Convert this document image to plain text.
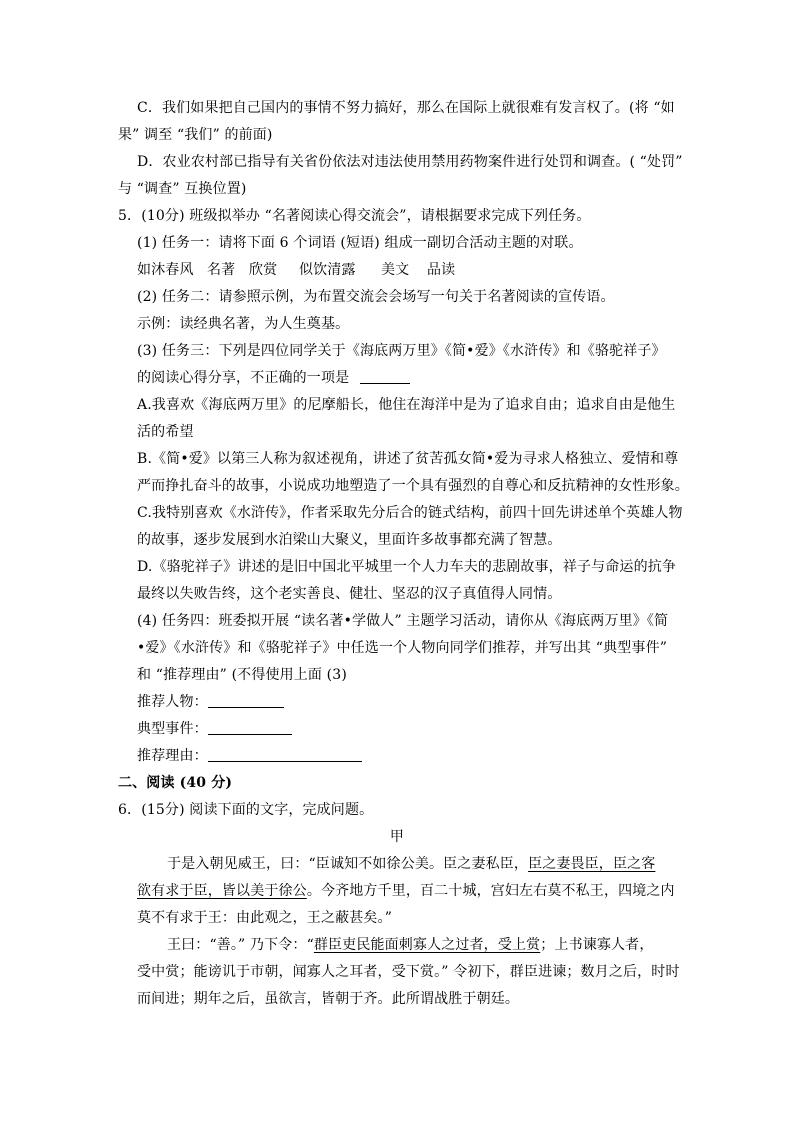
C．我们如果把自己国内的事情不努力搞好，那么在国际上就很难有发言权了。(将 “如
果” 调至 “我们” 的前面)
D．农业农村部已指导有关省份依法对违法使用禁用药物案件进行处罚和调查。( “处罚”
与 “调查” 互换位置)
5．(10分) 班级拟举办 “名著阅读心得交流会”，请根据要求完成下列任务。
(1) 任务一：请将下面 6 个词语 (短语) 组成一副切合活动主题的对联。
如沐春风 名著 欣赏 似饮清露 美文 品读
(2) 任务二：请参照示例，为布置交流会会场写一句关于名著阅读的宣传语。
示例：读经典名著，为人生奠基。
(3) 任务三：下列是四位同学关于《海底两万里》《简•爱》《水浒传》和《骆驼祥子》
的阅读心得分享，不正确的一项是
A.我喜欢《海底两万里》的尼摩船长，他住在海洋中是为了追求自由；追求自由是他生
活的希望
B.《简•爱》以第三人称为叙述视角，讲述了贫苦孤女简•爱为寻求人格独立、爱情和尊
严而挣扎奋斗的故事，小说成功地塑造了一个具有强烈的自尊心和反抗精神的女性形象。
C.我特别喜欢《水浒传》，作者采取先分后合的链式结构，前四十回先讲述单个英雄人物
的故事，逐步发展到水泊梁山大聚义，里面许多故事都充满了智慧。
D.《骆驼祥子》讲述的是旧中国北平城里一个人力车夫的悲剧故事，祥子与命运的抗争
最终以失败告终，这个老实善良、健壮、坚忍的汉子真值得人同情。
(4) 任务四：班委拟开展 “读名著•学做人” 主题学习活动，请你从《海底两万里》《简
•爱》《水浒传》和《骆驼祥子》中任选一个人物向同学们推荐，并写出其 “典型事件”
和 “推荐理由” (不得使用上面 (3)
推荐人物：
典型事件：
推荐理由：
二、阅读 (40 分)
6．(15分) 阅读下面的文字，完成问题。
甲
于是入朝见威王，曰：“臣诚知不如徐公美。臣之妻私臣，臣之妻畏臣，臣之客
欲有求于臣，皆以美于徐公。今齐地方千里，百二十城，宫妇左右莫不私王，四境之内
莫不有求于王：由此观之，王之蔽甚矣。”
王曰：“善。” 乃下令：“群臣吏民能面刺寡人之过者，受上赏；上书谏寡人者，
受中赏；能谤讥于市朝，闻寡人之耳者，受下赏。” 令初下，群臣进谏；数月之后，时时
而间进；期年之后，虽欲言，皆朝于齐。此所谓战胜于朝廷。
